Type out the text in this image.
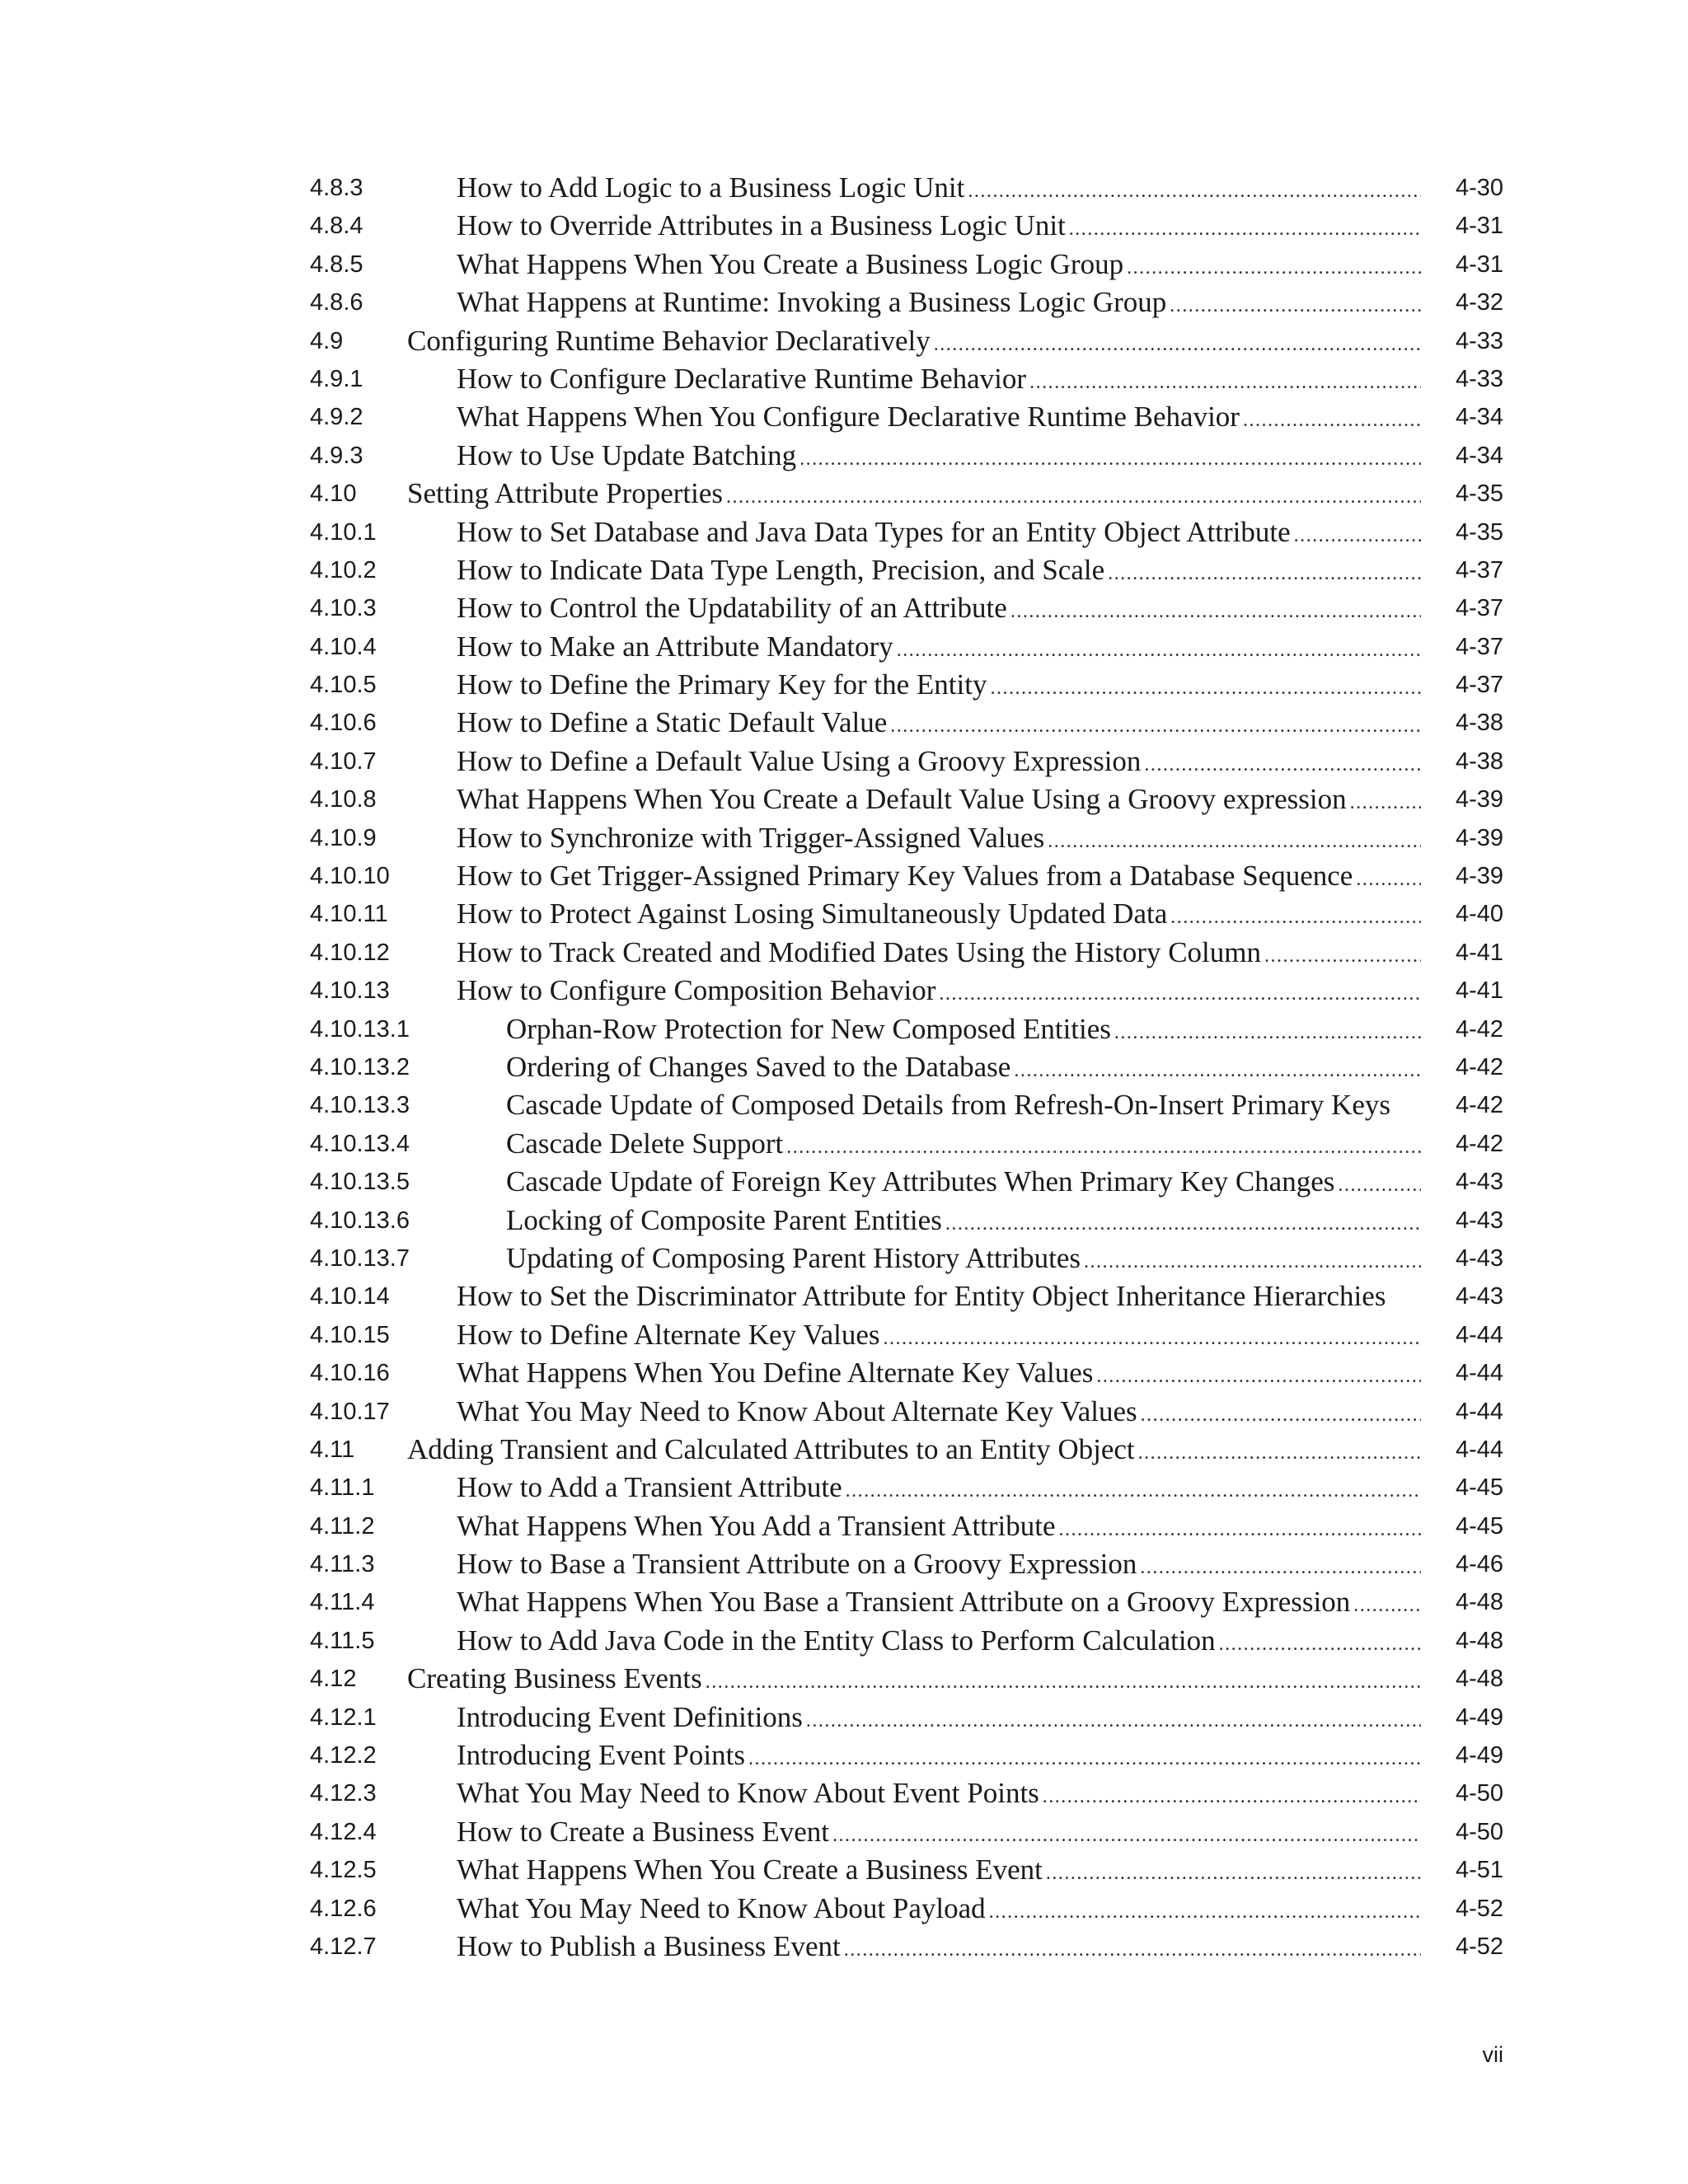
4.8.3	How to Add Logic to a Business Logic Unit .....	4-30
4.8.4	How to Override Attributes in a Business Logic Unit .....	4-31
4.8.5	What Happens When You Create a Business Logic Group .....	4-31
4.8.6	What Happens at Runtime: Invoking a Business Logic Group .....	4-32
4.9 Configuring Runtime Behavior Declaratively .....	4-33
4.9.1	How to Configure Declarative Runtime Behavior .....	4-33
4.9.2	What Happens When You Configure Declarative Runtime Behavior .....	4-34
4.9.3	How to Use Update Batching .....	4-34
4.10 Setting Attribute Properties .....	4-35
4.10.1	How to Set Database and Java Data Types for an Entity Object Attribute .....	4-35
4.10.2	How to Indicate Data Type Length, Precision, and Scale .....	4-37
4.10.3	How to Control the Updatability of an Attribute .....	4-37
4.10.4	How to Make an Attribute Mandatory .....	4-37
4.10.5	How to Define the Primary Key for the Entity .....	4-37
4.10.6	How to Define a Static Default Value .....	4-38
4.10.7	How to Define a Default Value Using a Groovy Expression .....	4-38
4.10.8	What Happens When You Create a Default Value Using a Groovy expression .....	4-39
4.10.9	How to Synchronize with Trigger-Assigned Values .....	4-39
4.10.10 How to Get Trigger-Assigned Primary Key Values from a Database Sequence .....	4-39
4.10.11 How to Protect Against Losing Simultaneously Updated Data .....	4-40
4.10.12 How to Track Created and Modified Dates Using the History Column .....	4-41
4.10.13 How to Configure Composition Behavior .....	4-41
4.10.13.1	Orphan-Row Protection for New Composed Entities .....	4-42
4.10.13.2	Ordering of Changes Saved to the Database .....	4-42
4.10.13.3	Cascade Update of Composed Details from Refresh-On-Insert Primary Keys	4-42
4.10.13.4	Cascade Delete Support .....	4-42
4.10.13.5	Cascade Update of Foreign Key Attributes When Primary Key Changes .....	4-43
4.10.13.6	Locking of Composite Parent Entities .....	4-43
4.10.13.7	Updating of Composing Parent History Attributes .....	4-43
4.10.14 How to Set the Discriminator Attribute for Entity Object Inheritance Hierarchies	4-43
4.10.15 How to Define Alternate Key Values .....	4-44
4.10.16 What Happens When You Define Alternate Key Values .....	4-44
4.10.17 What You May Need to Know About Alternate Key Values .....	4-44
4.11 Adding Transient and Calculated Attributes to an Entity Object .....	4-44
4.11.1	How to Add a Transient Attribute .....	4-45
4.11.2	What Happens When You Add a Transient Attribute .....	4-45
4.11.3	How to Base a Transient Attribute on a Groovy Expression .....	4-46
4.11.4	What Happens When You Base a Transient Attribute on a Groovy Expression .....	4-48
4.11.5	How to Add Java Code in the Entity Class to Perform Calculation .....	4-48
4.12 Creating Business Events .....	4-48
4.12.1	Introducing Event Definitions .....	4-49
4.12.2	Introducing Event Points .....	4-49
4.12.3	What You May Need to Know About Event Points .....	4-50
4.12.4	How to Create a Business Event .....	4-50
4.12.5	What Happens When You Create a Business Event .....	4-51
4.12.6	What You May Need to Know About Payload .....	4-52
4.12.7	How to Publish a Business Event .....	4-52
vii
